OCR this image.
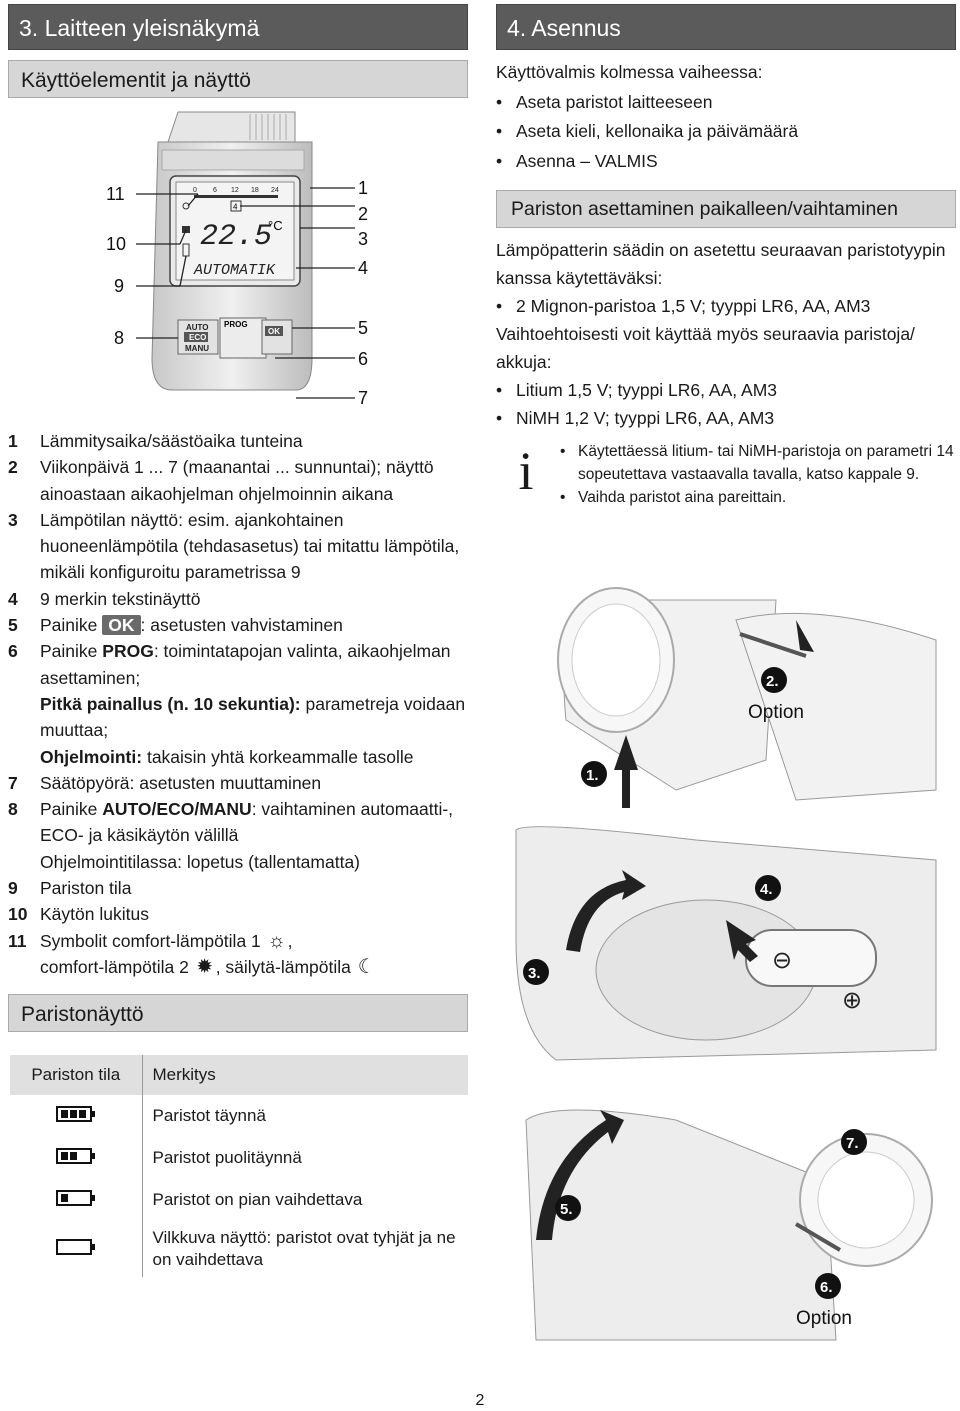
3. Laitteen yleisnäkymä
Käyttöelementit ja näyttö
0 6 12 18 24
4
22.5
°C
AUTOMATIK
AUTO
ECO
MANU
PROG
OK
11
10
9
8
1
2
3
4
5
6
7
1	Lämmitysaika/säästöaika tunteina
2	Viikonpäivä 1 ... 7 (maanantai ... sunnuntai); näyttö ainoastaan aikaohjelman ohjelmoinnin aikana
3	Lämpötilan näyttö: esim. ajankohtainen huoneenlämpötila (tehdasasetus) tai mitattu lämpötila, mikäli konfiguroitu parametrissa 9
4	9 merkin tekstinäyttö
5	Painike OK : asetusten vahvistaminen
6	Painike PROG: toimintatapojan valinta, aikaohjelman asettaminen;
Pitkä painallus (n. 10 sekuntia): parametreja voidaan muuttaa;
Ohjelmointi: takaisin yhtä korkeammalle tasolle
7	Säätöpyörä: asetusten muuttaminen
8	Painike AUTO/ECO/MANU: vaihtaminen automaatti-, ECO- ja käsikäytön välillä
Ohjelmointitilassa: lopetus (tallentamatta)
9	Pariston tila
10 Käytön lukitus
11 Symbolit comfort-lämpötila 1 ☼ ,
comfort-lämpötila 2 ✹ , säilytä-lämpötila ☾
Paristonäyttö
Pariston tila	Merkitys
	Paristot täynnä
	Paristot puolitäynnä
	Paristot on pian vaihdettava
	Vilkkuva näyttö: paristot ovat tyhjät ja ne on vaihdettava
4. Asennus
Käyttövalmis kolmessa vaiheessa:
• Aseta paristot laitteeseen
• Aseta kieli, kellonaika ja päivämäärä
• Asenna – VALMIS
Pariston asettaminen paikalleen/vaihtaminen
Lämpöpatterin säädin on asetettu seuraavan paristotyypin kanssa käytettäväksi:
• 2 Mignon-paristoa 1,5 V; tyyppi LR6, AA, AM3
Vaihtoehtoisesti voit käyttää myös seuraavia paristoja/ akkuja:
• Litium 1,5 V; tyyppi LR6, AA, AM3
• NiMH 1,2 V; tyyppi LR6, AA, AM3
i	• Käytettäessä litium- tai NiMH-paristoja on parametri 14 sopeutettava vastaavalla tavalla, katso kappale 9.
• Vaihda paristot aina pareittain.
1.
2.
Option
⊖
⊕
3.
4.
5.
6.
Option
7.
2
